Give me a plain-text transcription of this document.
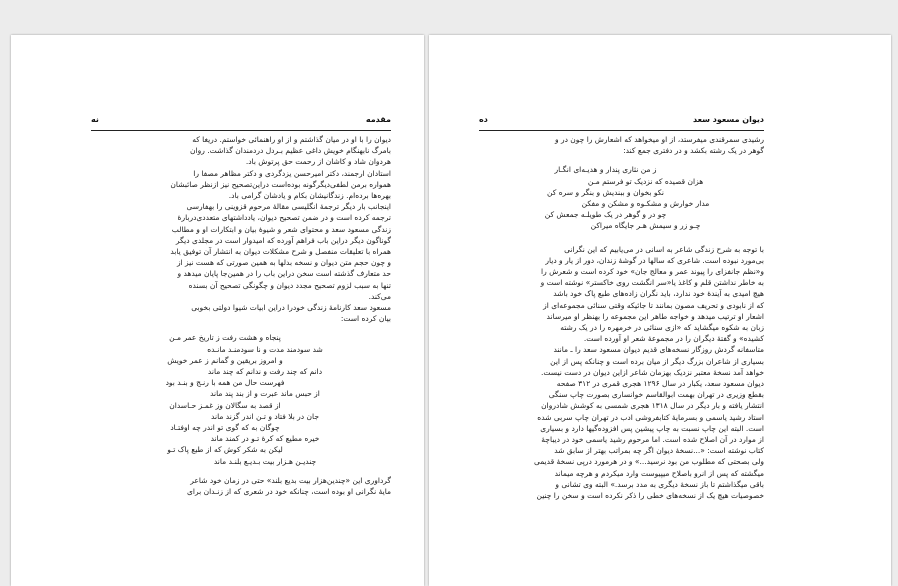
مقدمه
نه

دیوان را با او در میان گذاشتم و از او راهنمائی خواستم. دریغا که

بامرگ نابهنگام خویش داغی عظیم بـردل دردمندان گذاشت. روان

هردوان شاد و کاشان از رحمت حق پرتوش باد.

استادان ارجمند، دکتر امیرحسن یزدگردی و دکتر مظاهر مصفا را

همواره برمن لطفی‌دیگرگونه بوده‌است دراین‌تصحیح نیز ازنظر صائبشان

بهره‌ها برده‌ام. زندگانیشان بکام و یادشان گرامی باد.

اینجانب بار دیگر ترجمهٔ انگلیسی مقالهٔ مرحوم قزوینی را بهفارسی

ترجمه کرده است و در ضمن تصحیح دیوان، یادداشتهای متعددی‌دربارهٔ

زندگی مسعود سعد و محتوای شعر و شیوهٔ بیان و ابتکارات او و مطالب

گوناگون دیگر دراین باب فراهم آورده که امیدوار است در مجلدی دیگر

همراه با تعلیقات منفصل و شرح مشکلات دیوان به انتشار آن توفیق یابد

و چون حجم متن دیوان و نسخه بدلها به همین صورتی که هست نیز از

حد متعارف گذشته است سخن دراین باب را در همین‌جا پایان میدهد و

تنها به سبب لزوم تصحیح مجدد دیوان و چگونگی تصحیح آن بسنده

می‌کند.

مسعود سعد کارنامهٔ زندگی خودرا دراین ابیات شیوا دولتی بخوبی

بیان کرده است:

پنجاه و هشت رفت ز تاریخ عمر مـن
شد سودمند مدت و نا سودمنـد مانـده
و امروز بریقین و گمانم ز عمر خویش
دانم که چند رفت و ندانم که چند ماند
فهرست حال من همه با رنـج و بنـد بود
از حبس ماند عبرت و از بند پند ماند
از قصد به سگالان وز غمـز حـاسدان
جان در بلا فتاد و تـن اندر گزند ماند
چوگان به که گوی تو اندر چه اوفتـاد
خیره مطیع که کرهٔ تـو در کمند ماند
لیکن به شکر کوش که از طبع پاک تـو
چندیـن هـزار بیت بـدیـع بلنـد ماند

گرداوری این «چندین‌هزار بیت بدیع بلند» حتی در زمان خود شاعر

مایهٔ نگرانی او بوده است، چنانکه خود در شعری که از زنـدان برای

دیوان مسعود سعد
ده

رشیدی سمرقندی میفرستد، از او میخواهد که اشعارش را چون در و

گوهر در یک رشته بکشد و در دفتری جمع کند:

ز من نثاری پندار و هدیـه‌ای انگـار
هزان قصیده که نزدیک تو فرستم مـن
نکو بخوان و ببندیش و بنگر و سره کن
مدار خوارش و مشکـوه و مشکن و مفکن
چو در و گوهر در یک طویلـه جمعش کن
چـو زر و سیمش هـر جایگاه میراکن

با توجه به شرح زندگی شاعر به اسانی در می‌یابیم که این نگرانی

بی‌مورد نبوده است. شاعری که سالها در گوشهٔ زندان، دور از یار و دیار

و«نظم جانفزای را پیوند عمر و معالج جان» خود کرده است و شعرش را

به خاطر نداشتن قلم و کاغذ یا«سر انگشت روی خاکستر» نوشته است و

هیچ امیدی به آیندهٔ خود ندارد، باید نگران زاده‌های طبع پاک خود باشد

که از نابودی و تحریف مصون بمانند تا جائیکه وقتی سنائی مجموعه‌ای از

اشعار او ترتیب میدهد و خواجه طاهر این مجموعه را بهنظر او میرساند

زبان به شکوه میگشاید که «ازی سنائی در خرمهره را در یک رشته

کشیده» و گفتهٔ دیگران را در مجموعهٔ شعر او آورده است.

متاسفانه گردش روزگار نسخه‌های قدیم دیوان مسعود سعد را ـ مانند

بسیاری از شاعران بزرگ دیگر از میان برده است و چنانکه پس از این

خواهد آمد نسخهٔ معتبر نزدیک بهزمان شاعر ازاین دیوان در دست نیست.

دیوان مسعود سعد، یکبار در سال ۱۲۹۶ هجری قمری در ۳۱۲ صفحه

بقطع وزیری در تهران بهمت ابوالقاسم خوانساری بصورت چاپ سنگی

انتشار یافته و بار دیگر در سال ۱۳۱۸ هجری شمسی به کوشش شادروان

استاد رشید یاسمی و بسرمایهٔ کتابفروشی ادب در تهران چاپ سربی شده

است. البته این چاپ نسبت به چاپ پیشین پس افزوده‌گیها دارد و بسیاری

از موارد در آن اصلاح شده است. اما مرحوم رشید یاسمی خود در دیباچهٔ

کتاب نوشته است: «...نسخهٔ دیوان اگر چه بمراتب بهتر از سابق شد

ولی بصحتی که مطلوب من بود نرسید...» و در هرمورد درپی نسخهٔ قدیمی

میگشته که پس از انرو باصلاح میپیوست وارد میکردم و هرچه میماند

باقی میگذاشتم تا باز نسخهٔ دیگری به مدد برسد.» البته وی تشانی و

خصوصیات هیچ یک از نسخه‌های خطی را ذکر نکرده است و سخن را چنین
